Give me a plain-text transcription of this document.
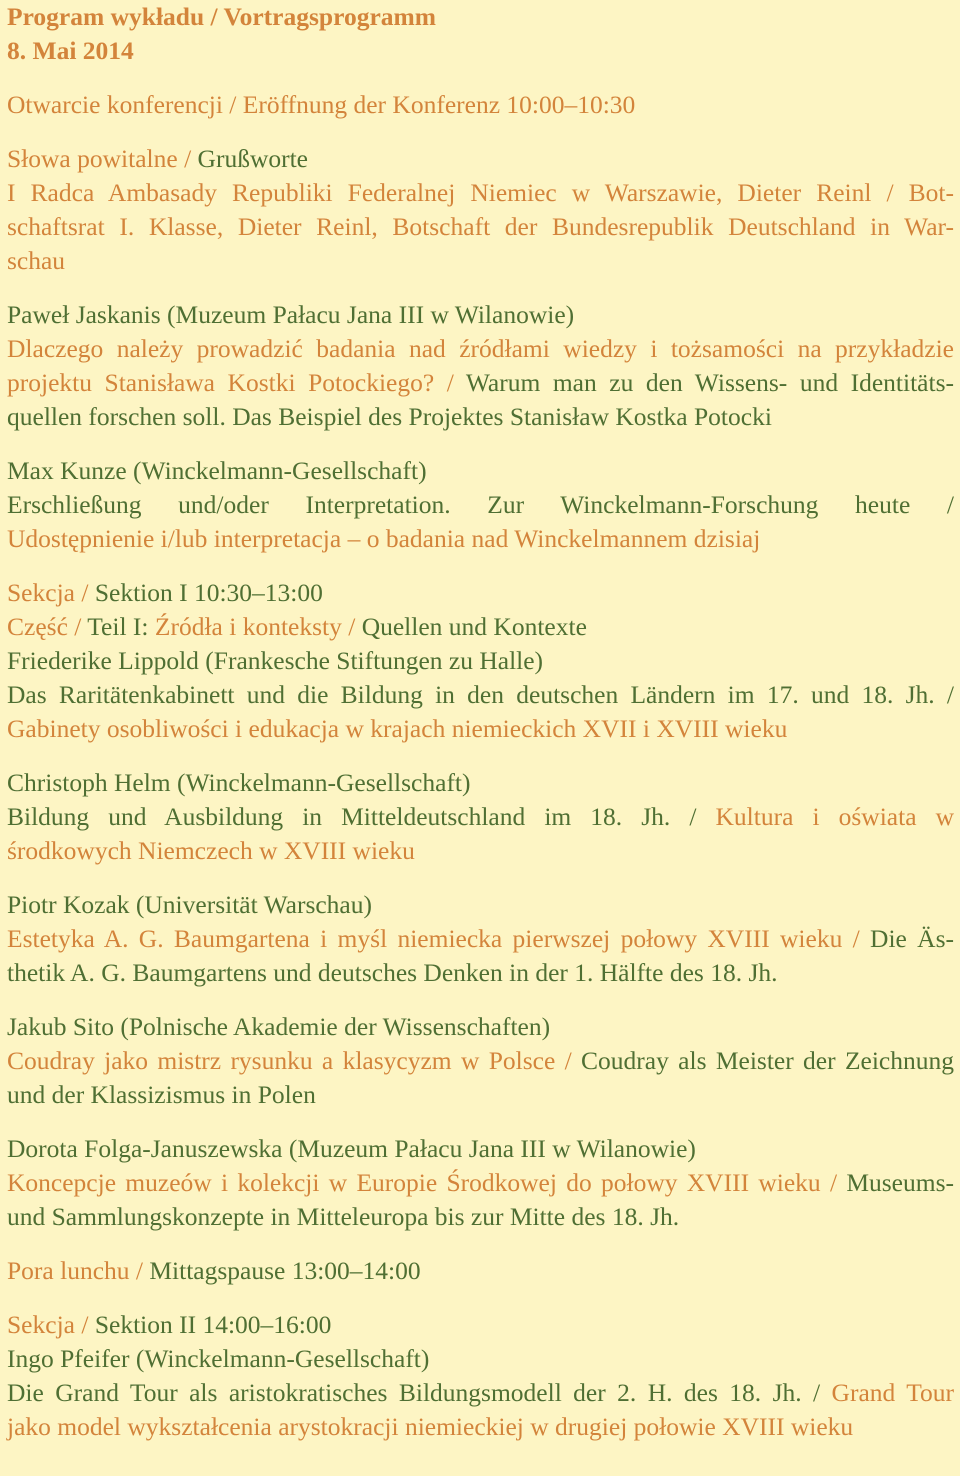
Program wykładu / Vortragsprogramm
8. Mai 2014
Otwarcie konferencji / Eröffnung der Konferenz 10:00–10:30
Słowa powitalne / Grußworte
I Radca Ambasady Republiki Federalnej Niemiec w Warszawie, Dieter Reinl / Bot-
schaftsrat I. Klasse, Dieter Reinl, Botschaft der Bundesrepublik Deutschland in War-
schau
Paweł Jaskanis (Muzeum Pałacu Jana III w Wilanowie)
Dlaczego należy prowadzić badania nad źródłami wiedzy i tożsamości na przykładzie
projektu Stanisława Kostki Potockiego? / Warum man zu den Wissens- und Identitäts-
quellen forschen soll. Das Beispiel des Projektes Stanisław Kostka Potocki
Max Kunze (Winckelmann-Gesellschaft)
Erschließung und/oder Interpretation. Zur Winckelmann-Forschung heute /
Udostępnienie i/lub interpretacja – o badania nad Winckelmannem dzisiaj
Sekcja / Sektion I 10:30–13:00
Część / Teil I: Źródła i konteksty / Quellen und Kontexte
Friederike Lippold (Frankesche Stiftungen zu Halle)
Das Raritätenkabinett und die Bildung in den deutschen Ländern im 17. und 18. Jh. /
Gabinety osobliwości i edukacja w krajach niemieckich XVII i XVIII wieku
Christoph Helm (Winckelmann-Gesellschaft)
Bildung und Ausbildung in Mitteldeutschland im 18. Jh. / Kultura i oświata w
środkowych Niemczech w XVIII wieku
Piotr Kozak (Universität Warschau)
Estetyka A. G. Baumgartena i myśl niemiecka pierwszej połowy XVIII wieku / Die Äs-
thetik A. G. Baumgartens und deutsches Denken in der 1. Hälfte des 18. Jh.
Jakub Sito (Polnische Akademie der Wissenschaften)
Coudray jako mistrz rysunku a klasycyzm w Polsce / Coudray als Meister der Zeichnung
und der Klassizismus in Polen
Dorota Folga-Januszewska (Muzeum Pałacu Jana III w Wilanowie)
Koncepcje muzeów i kolekcji w Europie Środkowej do połowy XVIII wieku / Museums-
und Sammlungskonzepte in Mitteleuropa bis zur Mitte des 18. Jh.
Pora lunchu / Mittagspause 13:00–14:00
Sekcja / Sektion II 14:00–16:00
Ingo Pfeifer (Winckelmann-Gesellschaft)
Die Grand Tour als aristokratisches Bildungsmodell der 2. H. des 18. Jh. / Grand Tour
jako model wykształcenia arystokracji niemieckiej w drugiej połowie XVIII wieku
